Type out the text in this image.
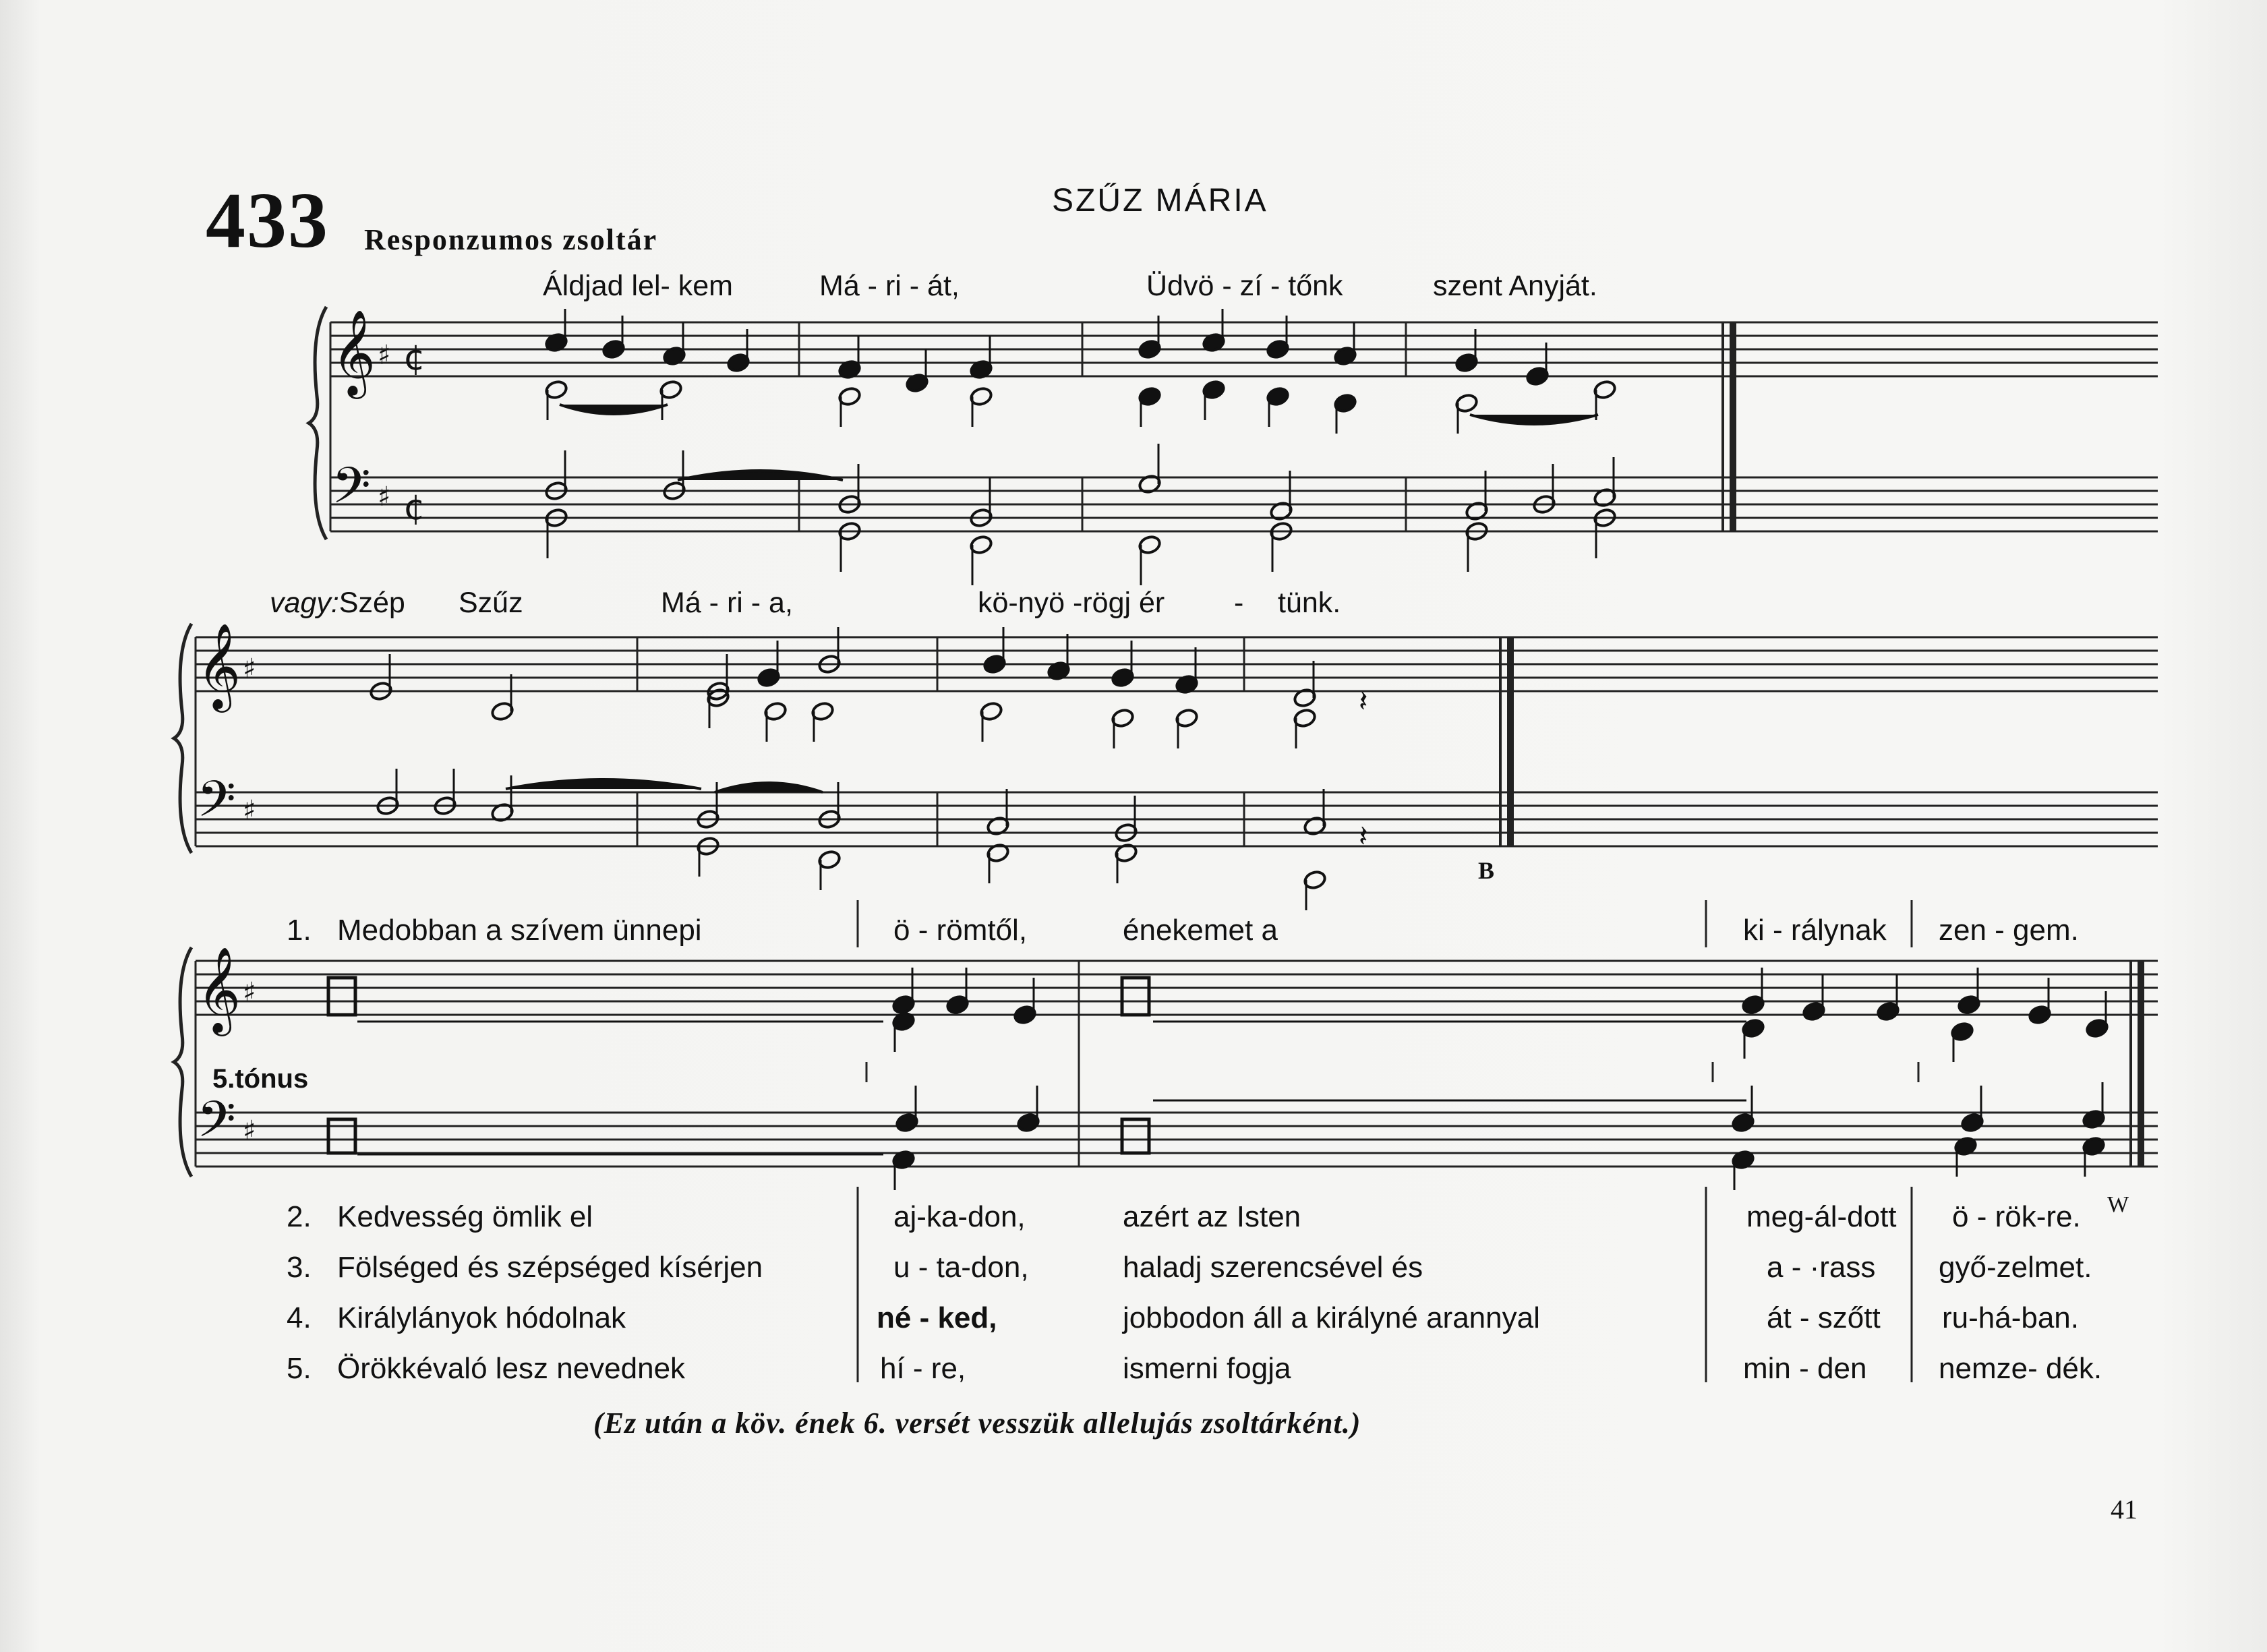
433 Responzumos zsoltár
SZŰZ MÁRIA
Áldjad lel- kem	Má - ri - át,	Üdvö - zí - tőnk	szent Anyját.
vagy:Szép Szűz	Má - ri - a,	kö-nyö -rögj ér - tünk.
B
1. Medobban a szívem ünnepi	ö - römtől,	énekemet a	ki - rálynak zen - gem.
5.tónus
2. Kedvesség ömlik el	aj-ka-don,	azért az Isten	meg-ál-dott ö - rök-re.
3. Fölséged és szépséged kísérjen	u - ta-don,	haladj szerencsével és	a - ·rass győ-zelmet.
4. Királylányok hódolnak	né - ked,	jobbodon áll a királyné arannyal	át - szőtt ru-há-ban.
5. Örökkévaló lesz nevednek	hí - re,	ismerni fogja	min - den nemze- dék.
(Ez után a köv. ének 6. versét vesszük allelujás zsoltárként.)
41
W
𝄞
𝄢
♯
♯
¢
¢
𝄞
𝄢
♯
♯
𝄽
𝄽
𝄞
𝄢
♯
♯
